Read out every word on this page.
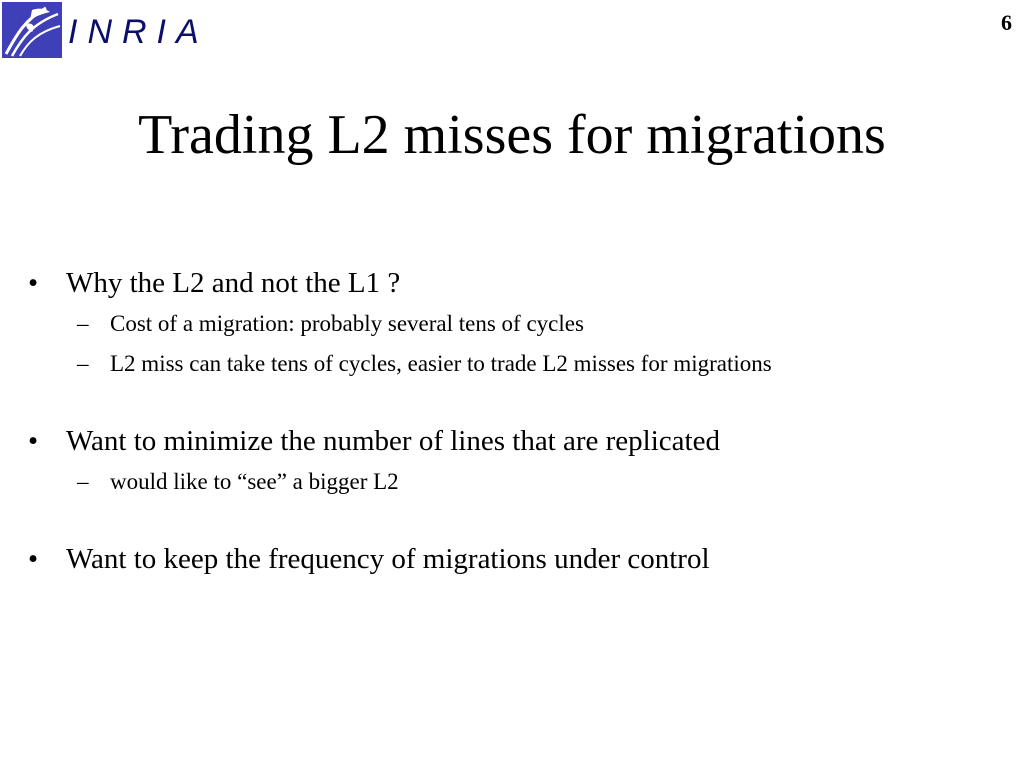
INRIA	6
Trading L2 misses for migrations
• Why the L2 and not the L1 ?
– Cost of a migration: probably several tens of cycles
– L2 miss can take tens of cycles, easier to trade L2 misses for migrations
• Want to minimize the number of lines that are replicated
– would like to “see” a bigger L2
• Want to keep the frequency of migrations under control
